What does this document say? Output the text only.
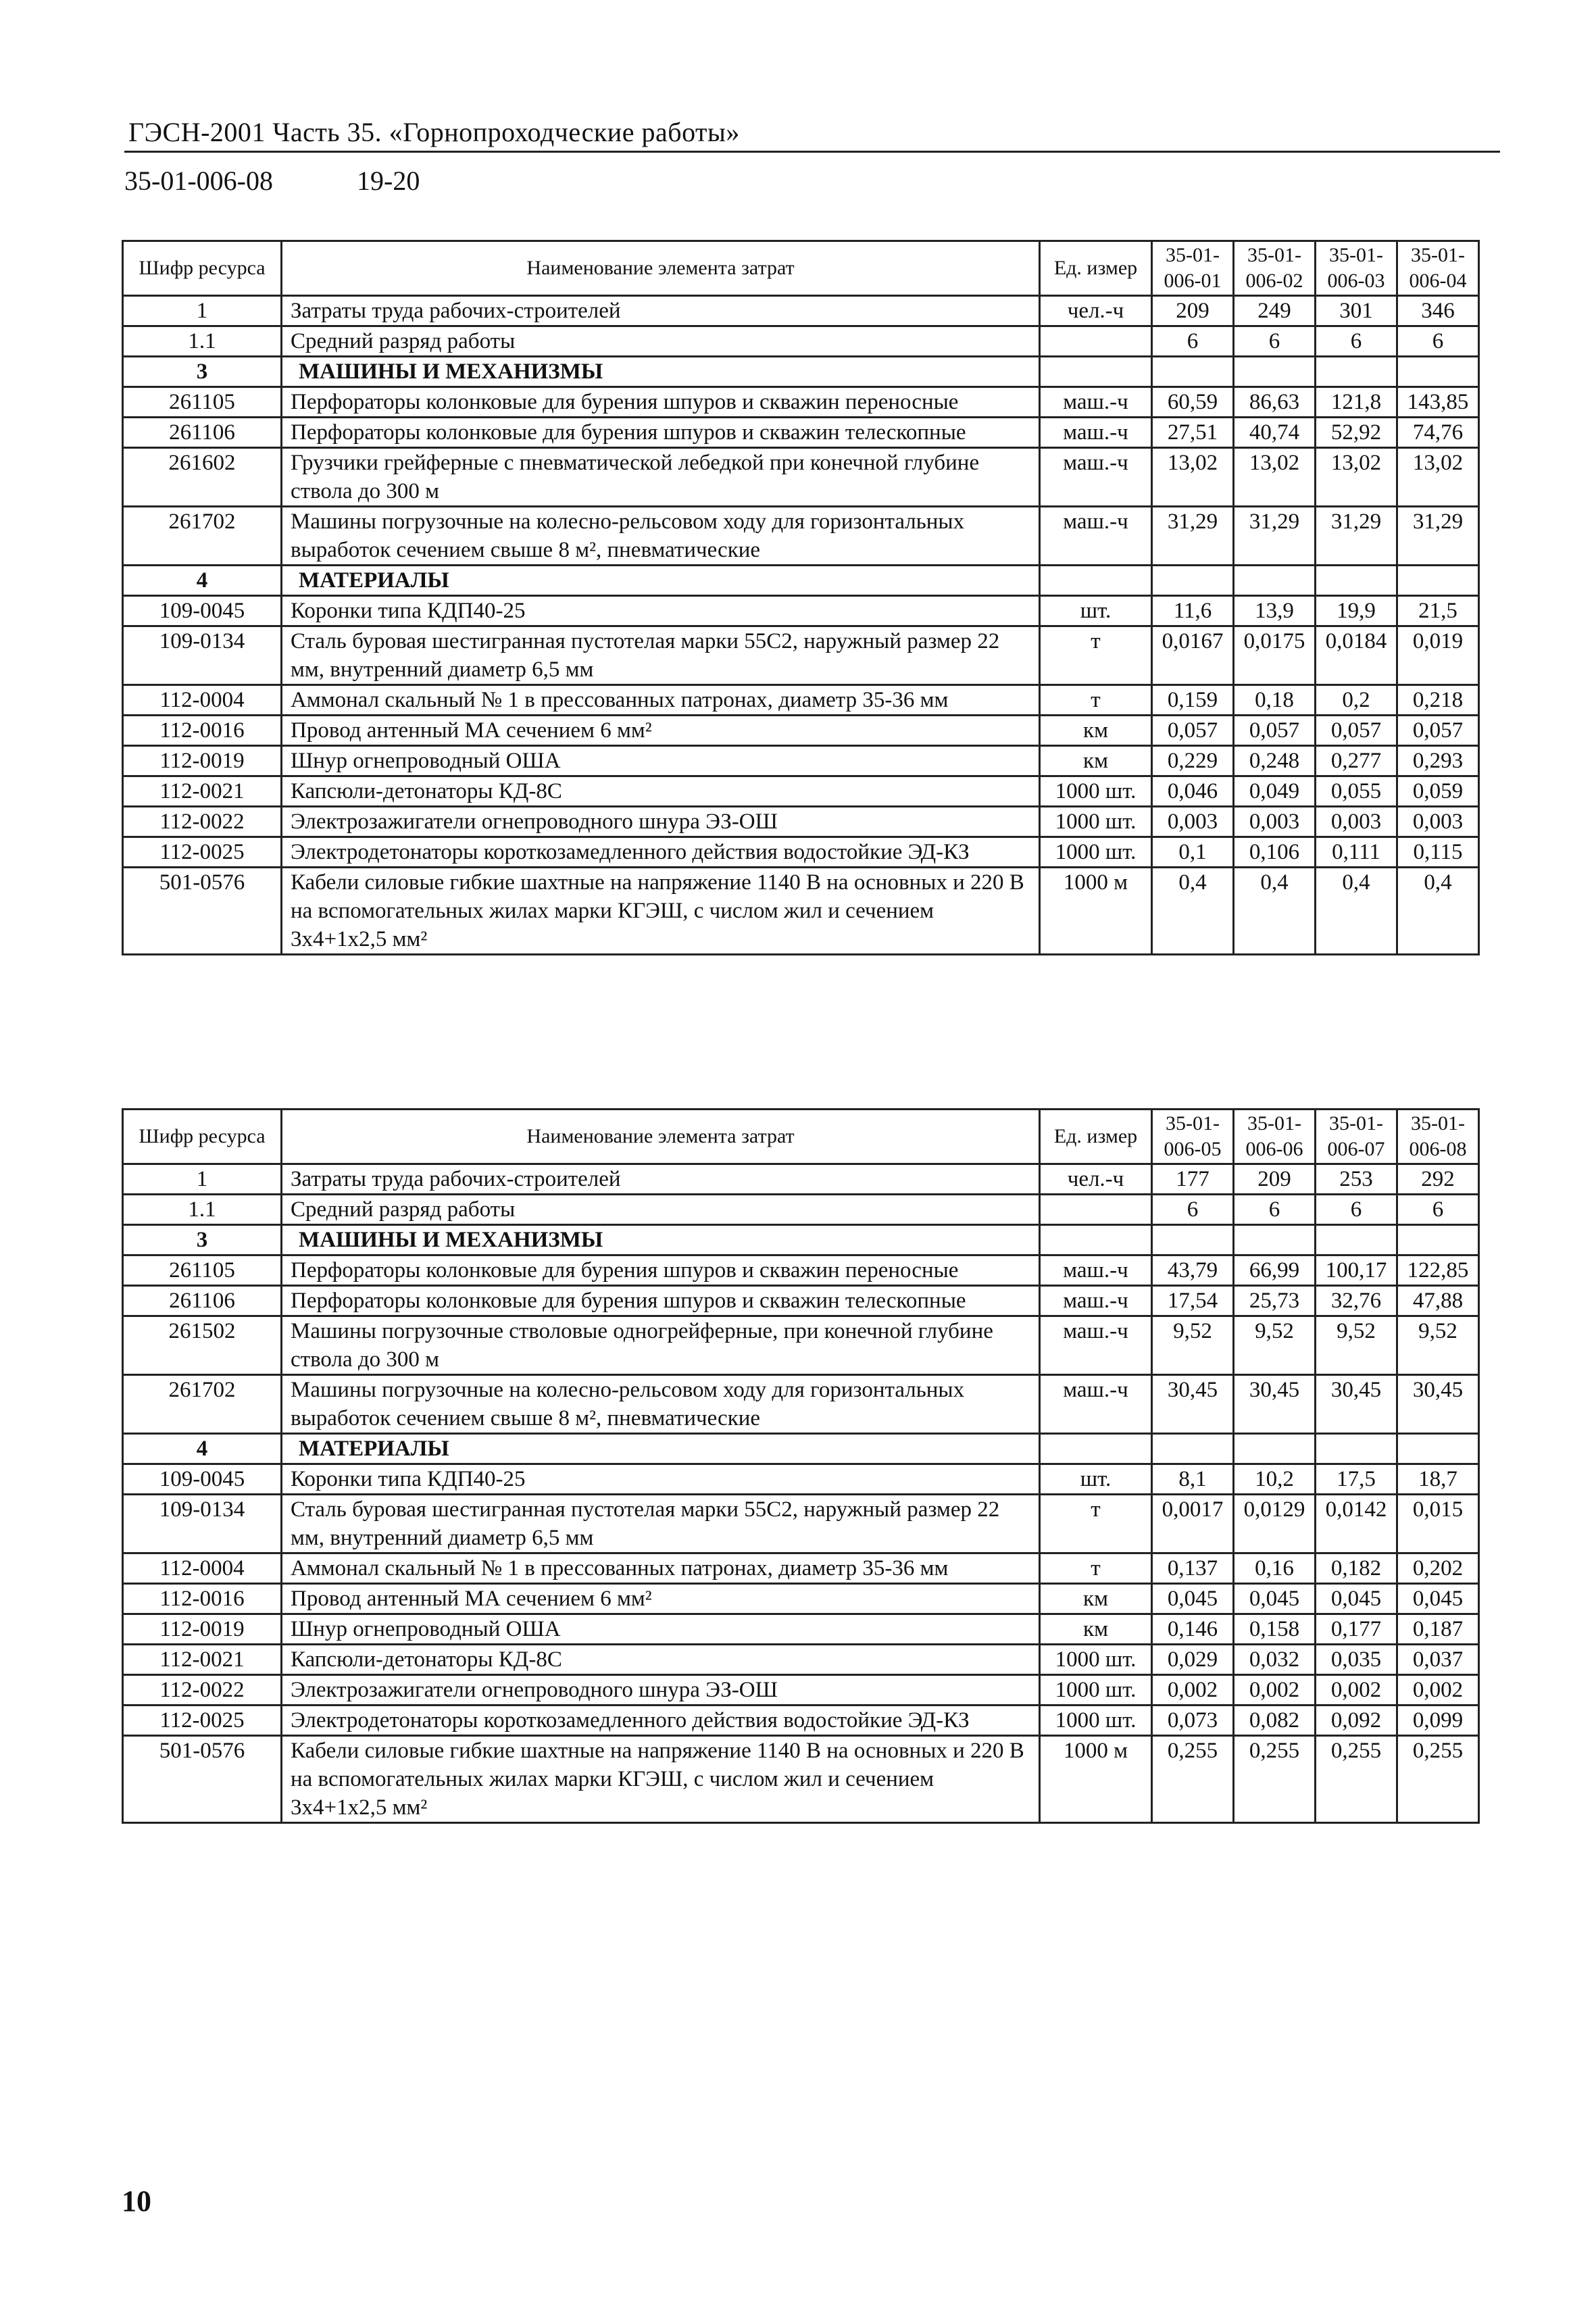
ГЭСН-2001 Часть 35. «Горнопроходческие работы»
35-01-006-08	19-20
Шифр ресурса	Наименование элемента затрат	Ед. измер	35-01-006-01	35-01-006-02	35-01-006-03	35-01-006-04
1	Затраты труда рабочих-строителей	чел.-ч	209	249	301	346
1.1	Средний разряд работы		6	6	6	6
3	МАШИНЫ И МЕХАНИЗМЫ					
261105	Перфораторы колонковые для бурения шпуров и скважин переносные	маш.-ч	60,59	86,63	121,8	143,85
261106	Перфораторы колонковые для бурения шпуров и скважин телескопные	маш.-ч	27,51	40,74	52,92	74,76
261602	Грузчики грейферные с пневматической лебедкой при конечной глубине ствола до 300 м	маш.-ч	13,02	13,02	13,02	13,02
261702	Машины погрузочные на колесно-рельсовом ходу для горизонтальных выработок сечением свыше 8 м², пневматические	маш.-ч	31,29	31,29	31,29	31,29
4	МАТЕРИАЛЫ					
109-0045	Коронки типа КДП40-25	шт.	11,6	13,9	19,9	21,5
109-0134	Сталь буровая шестигранная пустотелая марки 55С2, наружный размер 22 мм, внутренний диаметр 6,5 мм	т	0,0167	0,0175	0,0184	0,019
112-0004	Аммонал скальный № 1 в прессованных патронах, диаметр 35-36 мм	т	0,159	0,18	0,2	0,218
112-0016	Провод антенный МА сечением 6 мм²	км	0,057	0,057	0,057	0,057
112-0019	Шнур огнепроводный ОША	км	0,229	0,248	0,277	0,293
112-0021	Капсюли-детонаторы КД-8С	1000 шт.	0,046	0,049	0,055	0,059
112-0022	Электрозажигатели огнепроводного шнура ЭЗ-ОШ	1000 шт.	0,003	0,003	0,003	0,003
112-0025	Электродетонаторы короткозамедленного действия водостойкие ЭД-КЗ	1000 шт.	0,1	0,106	0,111	0,115
501-0576	Кабели силовые гибкие шахтные на напряжение 1140 В на основных и 220 В на вспомогательных жилах марки КГЭШ, с числом жил и сечением 3х4+1х2,5 мм²	1000 м	0,4	0,4	0,4	0,4
Шифр ресурса	Наименование элемента затрат	Ед. измер	35-01-006-05	35-01-006-06	35-01-006-07	35-01-006-08
1	Затраты труда рабочих-строителей	чел.-ч	177	209	253	292
1.1	Средний разряд работы		6	6	6	6
3	МАШИНЫ И МЕХАНИЗМЫ					
261105	Перфораторы колонковые для бурения шпуров и скважин переносные	маш.-ч	43,79	66,99	100,17	122,85
261106	Перфораторы колонковые для бурения шпуров и скважин телескопные	маш.-ч	17,54	25,73	32,76	47,88
261502	Машины погрузочные стволовые одногрейферные, при конечной глубине ствола до 300 м	маш.-ч	9,52	9,52	9,52	9,52
261702	Машины погрузочные на колесно-рельсовом ходу для горизонтальных выработок сечением свыше 8 м², пневматические	маш.-ч	30,45	30,45	30,45	30,45
4	МАТЕРИАЛЫ					
109-0045	Коронки типа КДП40-25	шт.	8,1	10,2	17,5	18,7
109-0134	Сталь буровая шестигранная пустотелая марки 55С2, наружный размер 22 мм, внутренний диаметр 6,5 мм	т	0,0017	0,0129	0,0142	0,015
112-0004	Аммонал скальный № 1 в прессованных патронах, диаметр 35-36 мм	т	0,137	0,16	0,182	0,202
112-0016	Провод антенный МА сечением 6 мм²	км	0,045	0,045	0,045	0,045
112-0019	Шнур огнепроводный ОША	км	0,146	0,158	0,177	0,187
112-0021	Капсюли-детонаторы КД-8С	1000 шт.	0,029	0,032	0,035	0,037
112-0022	Электрозажигатели огнепроводного шнура ЭЗ-ОШ	1000 шт.	0,002	0,002	0,002	0,002
112-0025	Электродетонаторы короткозамедленного действия водостойкие ЭД-КЗ	1000 шт.	0,073	0,082	0,092	0,099
501-0576	Кабели силовые гибкие шахтные на напряжение 1140 В на основных и 220 В на вспомогательных жилах марки КГЭШ, с числом жил и сечением 3х4+1х2,5 мм²	1000 м	0,255	0,255	0,255	0,255
10
